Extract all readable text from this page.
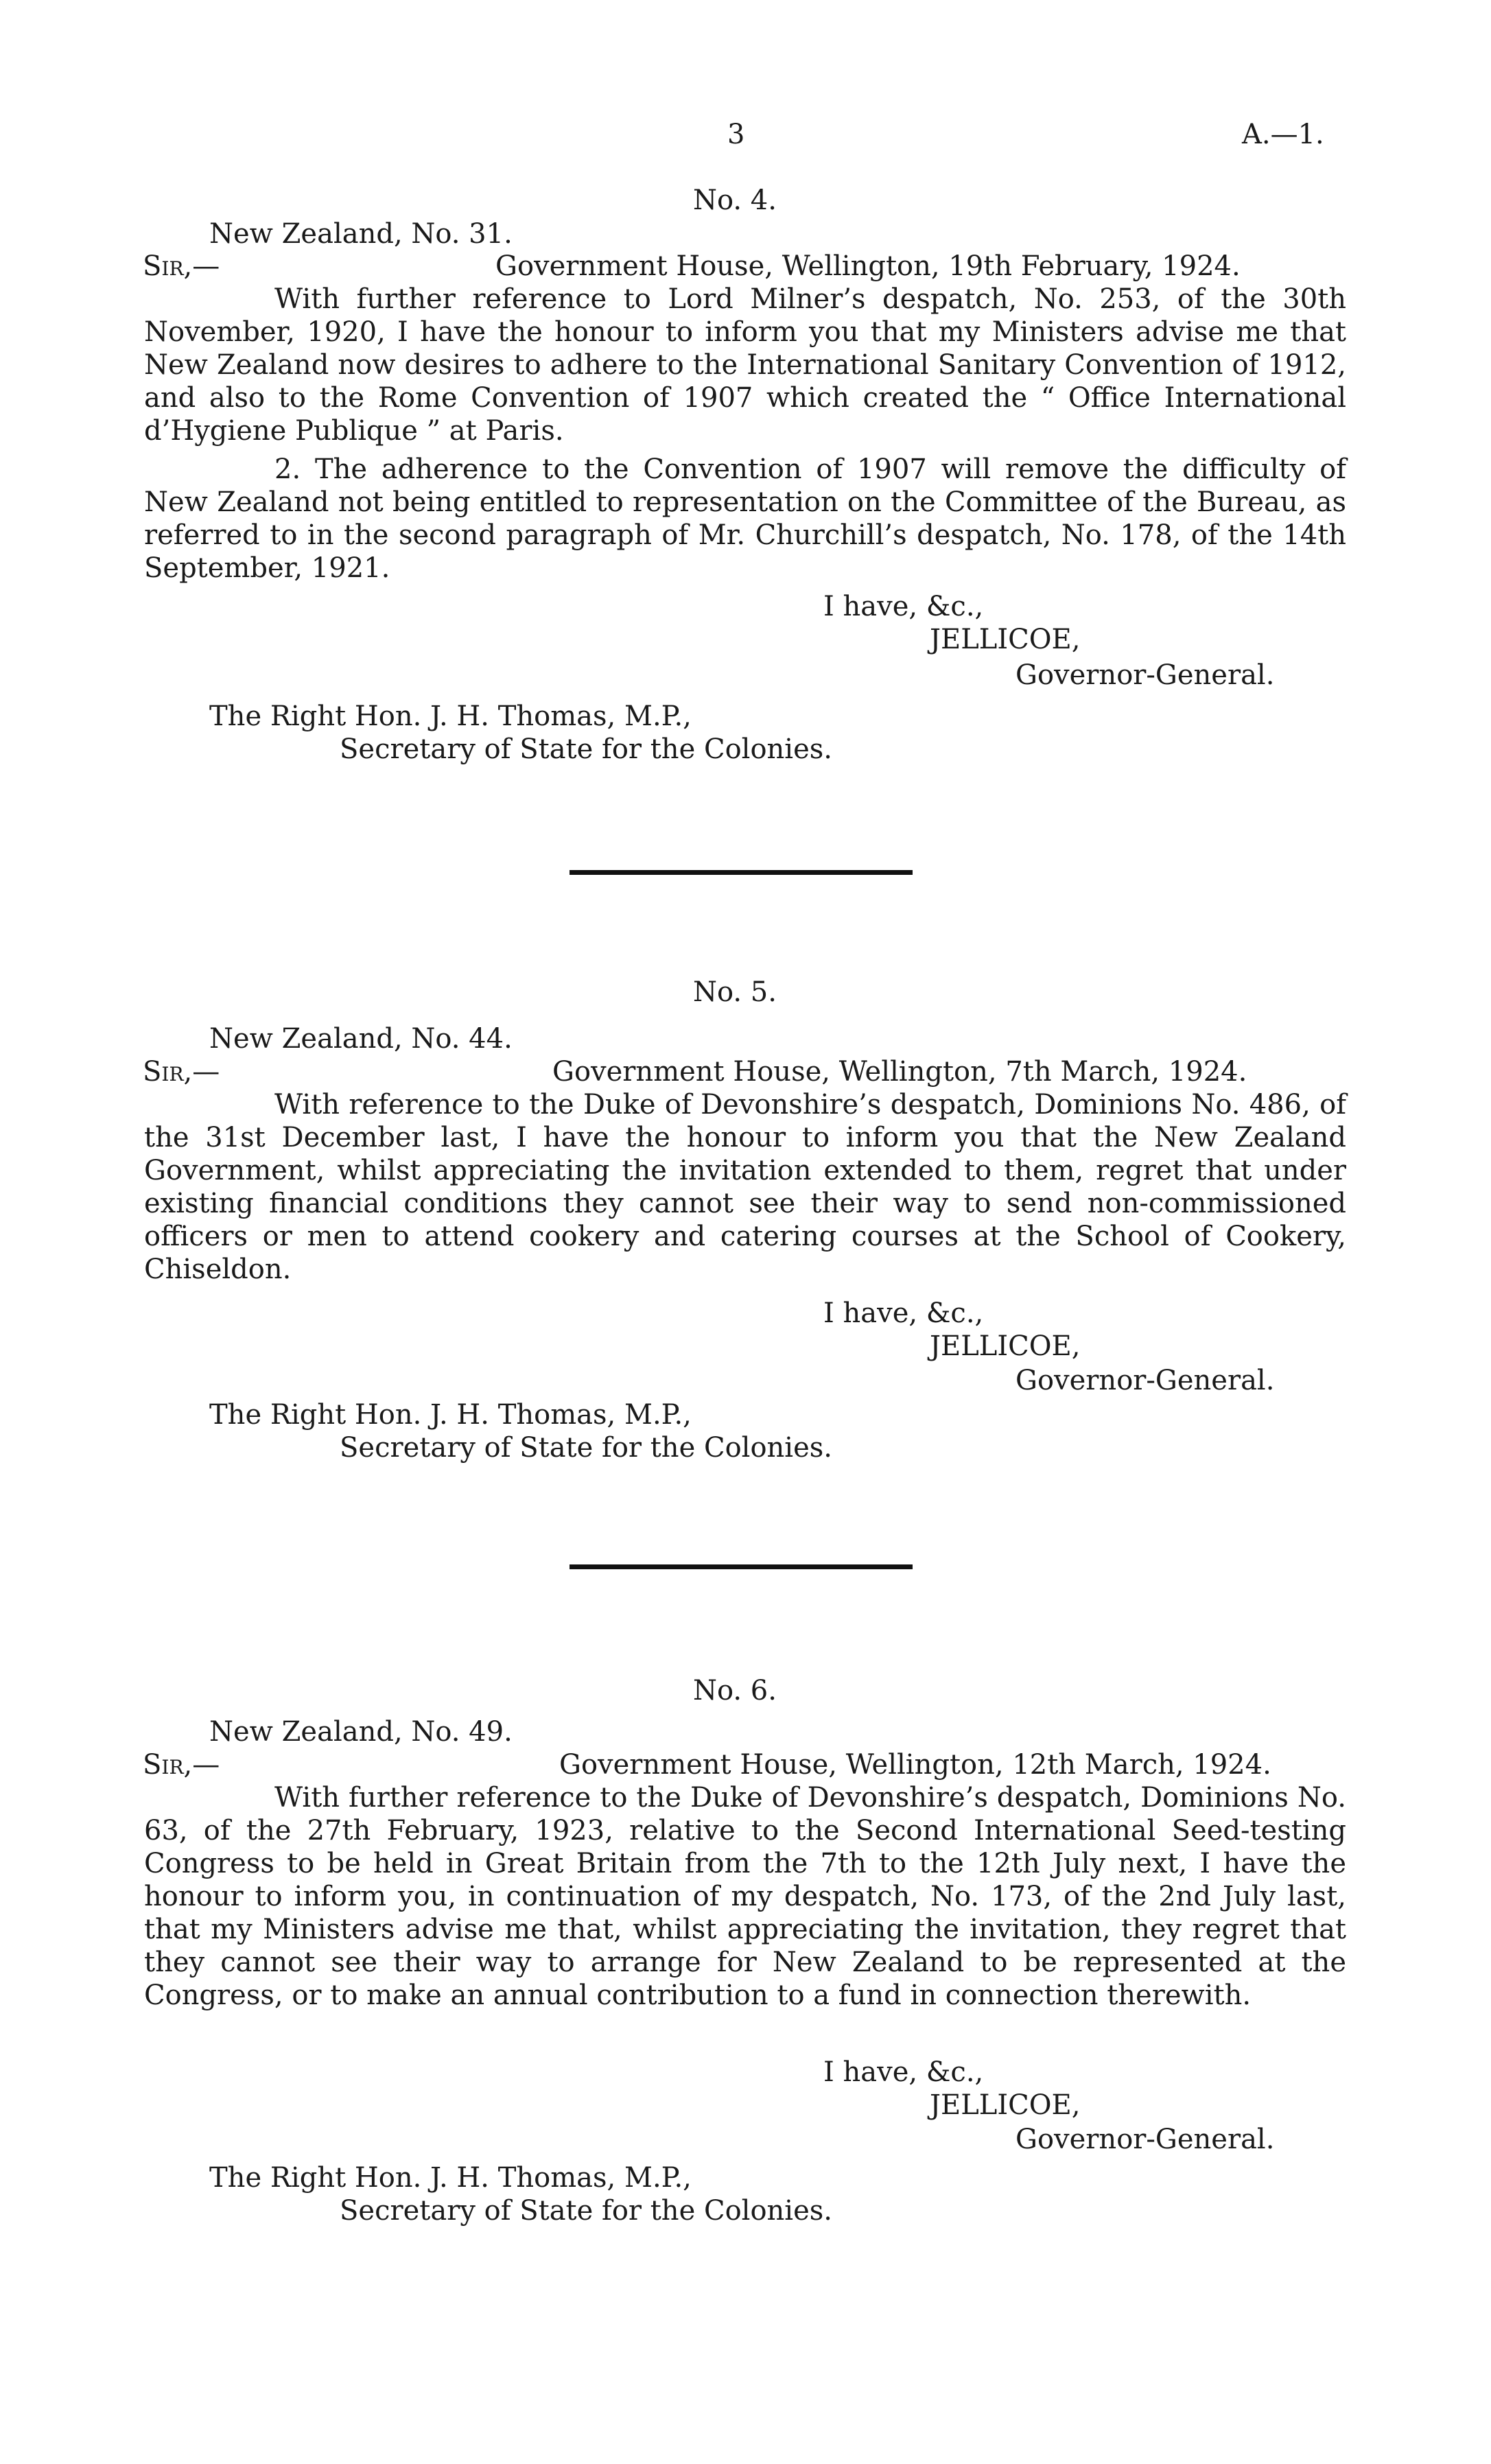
3	A.—1.
No. 4.
New Zealand, No. 31.
Sir,—	Government House, Wellington, 19th February, 1924.
With further reference to Lord Milner’s despatch, No. 253, of the 30th November, 1920, I have the honour to inform you that my Ministers advise me that New Zealand now desires to adhere to the International Sanitary Convention of 1912, and also to the Rome Convention of 1907 which created the “ Office International d’Hygiene Publique ” at Paris.
2. The adherence to the Convention of 1907 will remove the difficulty of New Zealand not being entitled to representation on the Committee of the Bureau, as referred to in the second paragraph of Mr. Churchill’s despatch, No. 178, of the 14th September, 1921.
I have, &c.,
JELLICOE,
Governor-General.
The Right Hon. J. H. Thomas, M.P.,
Secretary of State for the Colonies.
No. 5.
New Zealand, No. 44.
Sir,—	Government House, Wellington, 7th March, 1924.
With reference to the Duke of Devonshire’s despatch, Dominions No. 486, of the 31st December last, I have the honour to inform you that the New Zealand Government, whilst appreciating the invitation extended to them, regret that under existing financial conditions they cannot see their way to send non-commissioned officers or men to attend cookery and catering courses at the School of Cookery, Chiseldon.
I have, &c.,
JELLICOE,
Governor-General.
The Right Hon. J. H. Thomas, M.P.,
Secretary of State for the Colonies.
No. 6.
New Zealand, No. 49.
Sir,—	Government House, Wellington, 12th March, 1924.
With further reference to the Duke of Devonshire’s despatch, Dominions No. 63, of the 27th February, 1923, relative to the Second International Seed-testing Congress to be held in Great Britain from the 7th to the 12th July next, I have the honour to inform you, in continuation of my despatch, No. 173, of the 2nd July last, that my Ministers advise me that, whilst appreciating the invitation, they regret that they cannot see their way to arrange for New Zealand to be represented at the Congress, or to make an annual contribution to a fund in connection therewith.
I have, &c.,
JELLICOE,
Governor-General.
The Right Hon. J. H. Thomas, M.P.,
Secretary of State for the Colonies.
